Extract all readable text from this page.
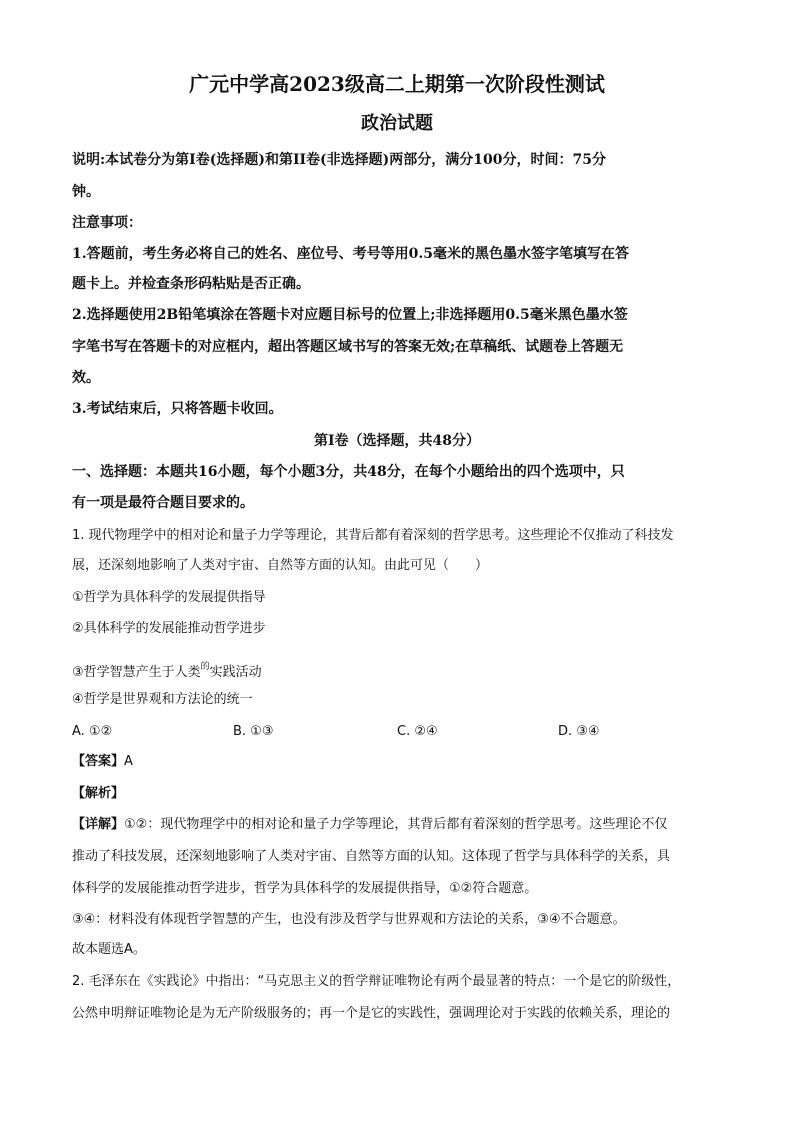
广元中学高2023级高二上期第一次阶段性测试
政治试题
说明:本试卷分为第I卷(选择题)和第II卷(非选择题)两部分，满分100分，时间：75分
钟。
注意事项：
1.答题前，考生务必将自己的姓名、座位号、考号等用0.5毫米的黑色墨水签字笔填写在答
题卡上。并检查条形码粘贴是否正确。
2.选择题使用2B铅笔填涂在答题卡对应题目标号的位置上;非选择题用0.5毫米黑色墨水签
字笔书写在答题卡的对应框内，超出答题区域书写的答案无效;在草稿纸、试题卷上答题无
效。
3.考试结束后，只将答题卡收回。
第I卷（选择题，共48分）
一、选择题：本题共16小题，每个小题3分，共48分，在每个小题给出的四个选项中，只
有一项是最符合题目要求的。
1. 现代物理学中的相对论和量子力学等理论，其背后都有着深刻的哲学思考。这些理论不仅推动了科技发
展，还深刻地影响了人类对宇宙、自然等方面的认知。由此可见（　　）
①哲学为具体科学的发展提供指导
②具体科学的发展能推动哲学进步
③哲学智慧产生于人类$^的$实践活动
④哲学是世界观和方法论的统一
A. ①②	B. ①③	C. ②④	D. ③④
【答案】A
【解析】
【详解】①②：现代物理学中的相对论和量子力学等理论，其背后都有着深刻的哲学思考。这些理论不仅
推动了科技发展，还深刻地影响了人类对宇宙、自然等方面的认知。这体现了哲学与具体科学的关系，具
体科学的发展能推动哲学进步，哲学为具体科学的发展提供指导，①②符合题意。
③④：材料没有体现哲学智慧的产生，也没有涉及哲学与世界观和方法论的关系，③④不合题意。
故本题选A。
2. 毛泽东在《实践论》中指出：“马克思主义的哲学辩证唯物论有两个最显著的特点：一个是它的阶级性，
公然申明辩证唯物论是为无产阶级服务的；再一个是它的实践性，强调理论对于实践的依赖关系，理论的
